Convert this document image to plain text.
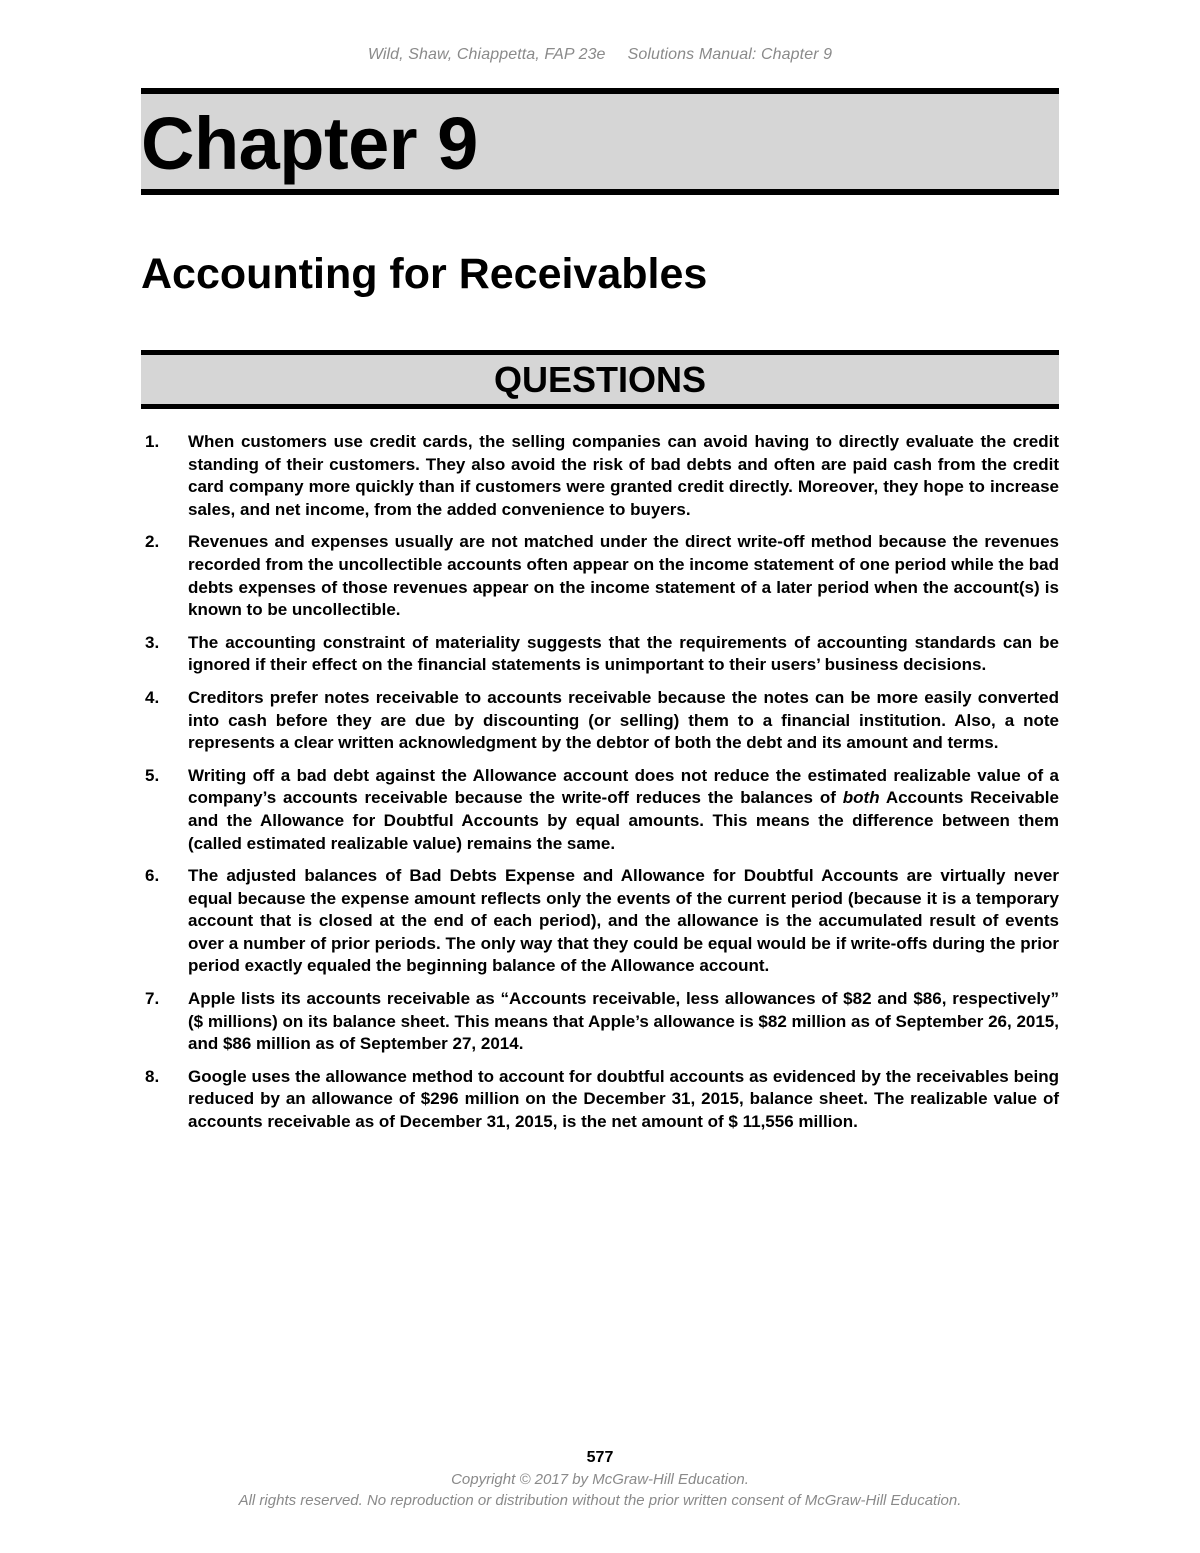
Wild, Shaw, Chiappetta, FAP 23e Solutions Manual: Chapter 9
Chapter 9
Accounting for Receivables
QUESTIONS
1.	When customers use credit cards, the selling companies can avoid having to directly evaluate the credit standing of their customers. They also avoid the risk of bad debts and often are paid cash from the credit card company more quickly than if customers were granted credit directly. Moreover, they hope to increase sales, and net income, from the added convenience to buyers.
2.	Revenues and expenses usually are not matched under the direct write-off method because the revenues recorded from the uncollectible accounts often appear on the income statement of one period while the bad debts expenses of those revenues appear on the income statement of a later period when the account(s) is known to be uncollectible.
3.	The accounting constraint of materiality suggests that the requirements of accounting standards can be ignored if their effect on the financial statements is unimportant to their users’ business decisions.
4.	Creditors prefer notes receivable to accounts receivable because the notes can be more easily converted into cash before they are due by discounting (or selling) them to a financial institution. Also, a note represents a clear written acknowledgment by the debtor of both the debt and its amount and terms.
5.	Writing off a bad debt against the Allowance account does not reduce the estimated realizable value of a company’s accounts receivable because the write-off reduces the balances of both Accounts Receivable and the Allowance for Doubtful Accounts by equal amounts. This means the difference between them (called estimated realizable value) remains the same.
6.	The adjusted balances of Bad Debts Expense and Allowance for Doubtful Accounts are virtually never equal because the expense amount reflects only the events of the current period (because it is a temporary account that is closed at the end of each period), and the allowance is the accumulated result of events over a number of prior periods. The only way that they could be equal would be if write-offs during the prior period exactly equaled the beginning balance of the Allowance account.
7.	Apple lists its accounts receivable as “Accounts receivable, less allowances of $82 and $86, respectively” ($ millions) on its balance sheet. This means that Apple’s allowance is $82 million as of September 26, 2015, and $86 million as of September 27, 2014.
8.	Google uses the allowance method to account for doubtful accounts as evidenced by the receivables being reduced by an allowance of $296 million on the December 31, 2015, balance sheet. The realizable value of accounts receivable as of December 31, 2015, is the net amount of $ 11,556 million.
577
Copyright © 2017 by McGraw-Hill Education.
All rights reserved. No reproduction or distribution without the prior written consent of McGraw-Hill Education.
